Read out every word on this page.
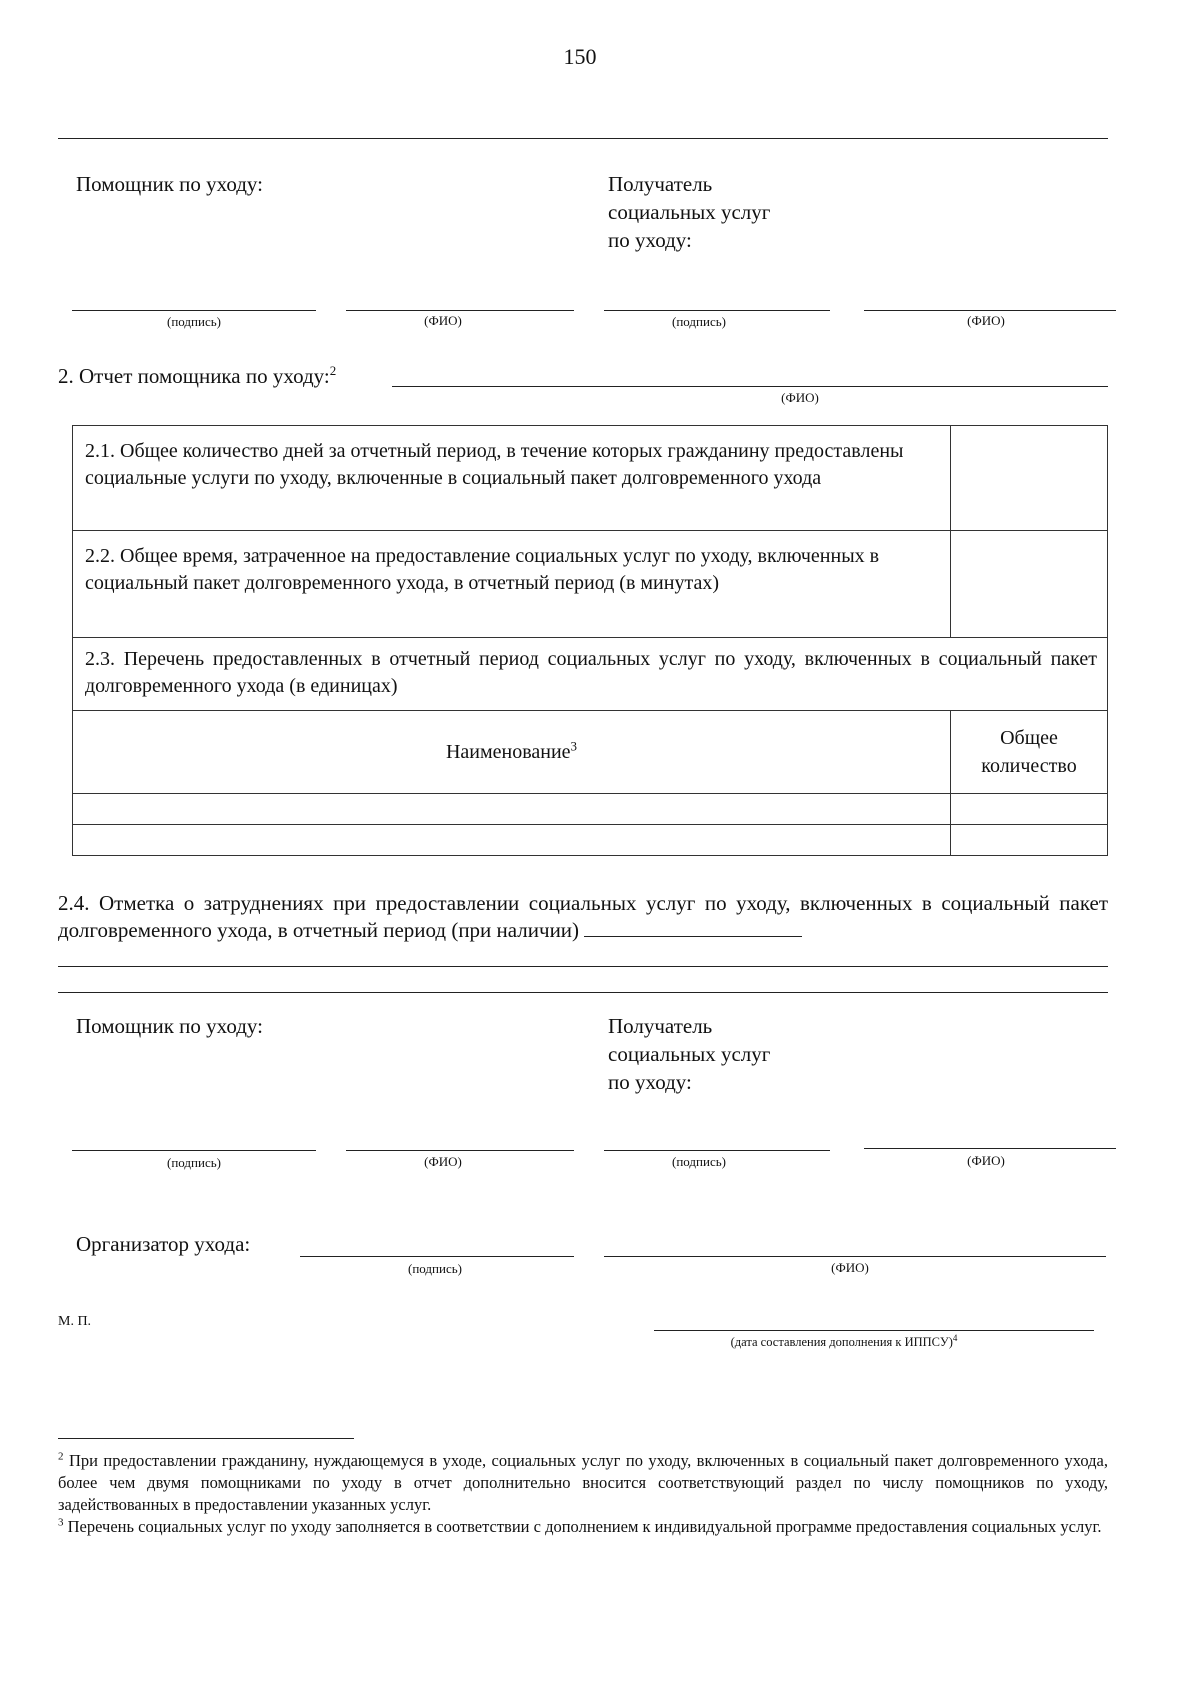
150
Помощник по уходу:	Получатель
социальных услуг
по уходу:
(подпись)	(ФИО)	(подпись)	(ФИО)
2. Отчет помощника по уходу:$^2$
(ФИО)
2.1. Общее количество дней за отчетный период, в течение которых гражданину предоставлены социальные услуги по уходу, включенные в социальный пакет долговременного ухода	
2.2. Общее время, затраченное на предоставление социальных услуг по уходу, включенных в социальный пакет долговременного ухода, в отчетный период (в минутах)	
2.3. Перечень предоставленных в отчетный период социальных услуг по уходу, включенных в социальный пакет долговременного ухода (в единицах)	
Наименование$^3$	Общее количество

2.4. Отметка о затруднениях при предоставлении социальных услуг по уходу, включенных в социальный пакет долговременного ухода, в отчетный период (при наличии)
Помощник по уходу:	Получатель
социальных услуг
по уходу:
(подпись)	(ФИО)	(подпись)	(ФИО)
Организатор ухода:
(подпись)	(ФИО)
М. П.
(дата составления дополнения к ИППСУ)$^4$

$^2$ При предоставлении гражданину, нуждающемуся в уходе, социальных услуг по уходу, включенных в социальный пакет долговременного ухода, более чем двумя помощниками по уходу в отчет дополнительно вносится соответствующий раздел по числу помощников по уходу, задействованных в предоставлении указанных услуг.

$^3$ Перечень социальных услуг по уходу заполняется в соответствии с дополнением к индивидуальной программе предоставления социальных услуг.
